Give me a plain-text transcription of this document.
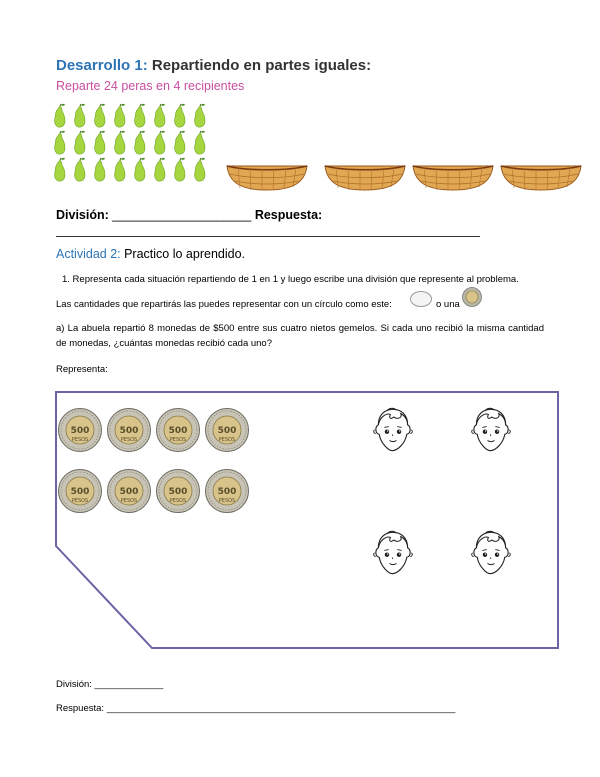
Desarrollo 1: Repartiendo en partes iguales:
Reparte 24 peras en 4 recipientes
División: ____________________ Respuesta:
Actividad 2: Practico lo aprendido.
1. Representa cada situación repartiendo de 1 en 1 y luego escribe una división que represente al problema.
Las cantidades que repartirás las puedes representar con un círculo como este:	o una
a) La abuela repartió 8 monedas de $500 entre sus cuatro nietos gemelos. Si cada uno recibió la misma cantidad de monedas, ¿cuántas monedas recibió cada uno?
Representa:
500
PESOS
500
PESOS
500
PESOS
500
PESOS
500
PESOS
500
PESOS
500
PESOS
500
PESOS
División: _____________
Respuesta: __________________________________________________________________
